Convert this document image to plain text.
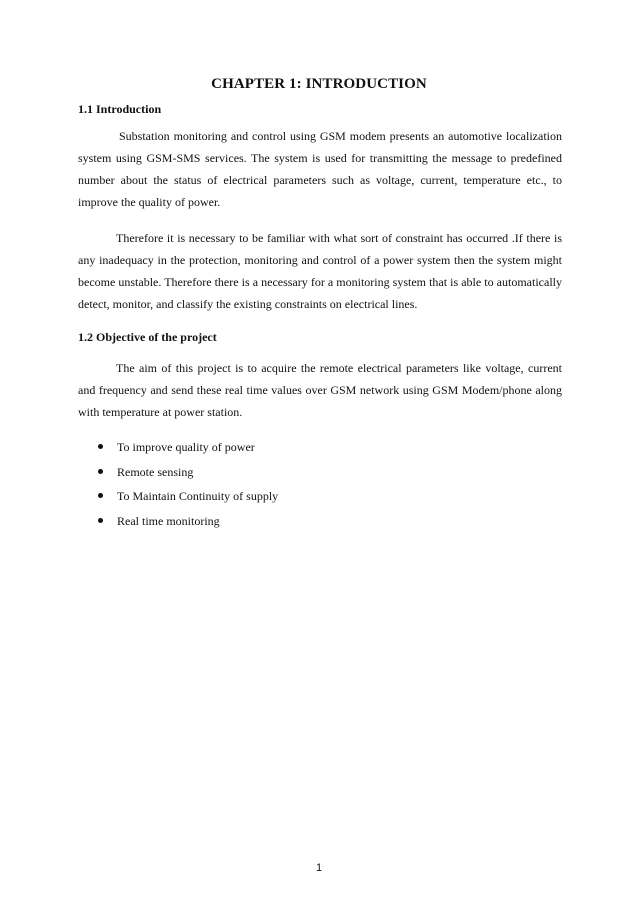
CHAPTER 1: INTRODUCTION
1.1 Introduction

Substation monitoring and control using GSM modem presents an automotive localization system using GSM-SMS services. The system is used for transmitting the message to predefined number about the status of electrical parameters such as voltage, current, temperature etc., to improve the quality of power.

Therefore it is necessary to be familiar with what sort of constraint has occurred .If there is any inadequacy in the protection, monitoring and control of a power system then the system might become unstable. Therefore there is a necessary for a monitoring system that is able to automatically detect, monitor, and classify the existing constraints on electrical lines.

1.2 Objective of the project

The aim of this project is to acquire the remote electrical parameters like voltage, current and frequency and send these real time values over GSM network using GSM Modem/phone along with temperature at power station.

To improve quality of power
Remote sensing
To Maintain Continuity of supply
Real time monitoring

1
